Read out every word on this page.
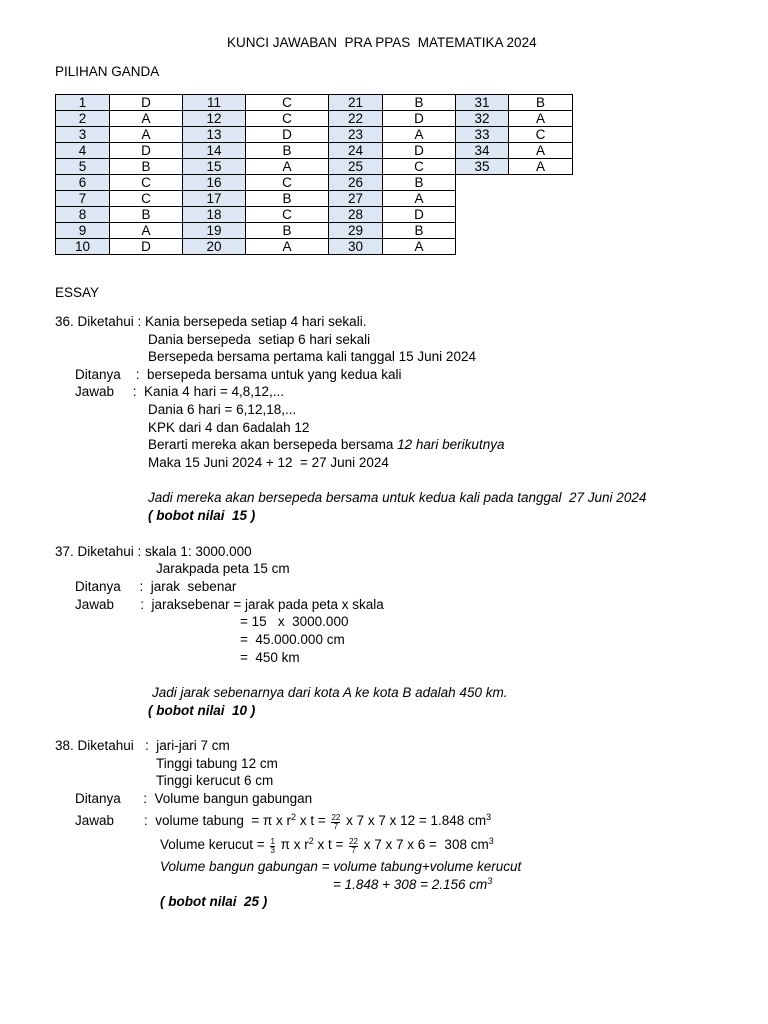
KUNCI JAWABAN  PRA PPAS  MATEMATIKA 2024
PILIHAN GANDA
1	D	11	C	21	B	31	B
2	A	12	C	22	D	32	A
3	A	13	D	23	A	33	C
4	D	14	B	24	D	34	A
5	B	15	A	25	C	35	A
6	C	16	C	26	B		
7	C	17	B	27	A		
8	B	18	C	28	D		
9	A	19	B	29	B		
10	D	20	A	30	A		
ESSAY
36. Diketahui : Kania bersepeda setiap 4 hari sekali.
Dania bersepeda  setiap 6 hari sekali
Bersepeda bersama pertama kali tanggal 15 Juni 2024
Ditanya    :  bersepeda bersama untuk yang kedua kali
Jawab     :  Kania 4 hari = 4,8,12,...
Dania 6 hari = 6,12,18,...
KPK dari 4 dan 6adalah 12
Berarti mereka akan bersepeda bersama 12 hari berikutnya
Maka 15 Juni 2024 + 12  = 27 Juni 2024
Jadi mereka akan bersepeda bersama untuk kedua kali pada tanggal  27 Juni 2024
( bobot nilai  15 )
37. Diketahui : skala 1: 3000.000
Jarakpada peta 15 cm
Ditanya     :  jarak  sebenar
Jawab       :  jaraksebenar = jarak pada peta x skala
= 15   x  3000.000
=  45.000.000 cm
=  450 km
Jadi jarak sebenarnya dari kota A ke kota B adalah 450 km.
( bobot nilai  10 )
38. Diketahui   :  jari-jari 7 cm
Tinggi tabung 12 cm
Tinggi kerucut 6 cm
Ditanya      :  Volume bangun gabungan
Jawab        :  volume tabung  = π x $r^2$ x $t = \frac{22}{7}$ x 7 x 7 x 12 = 1.848 $cm^3$
Volume kerucut = $\frac{1}{3}$ π x $r^2$ x $t = \frac{22}{7}$ x 7 x 7 x 6 =  308 $cm^3$
Volume bangun gabungan = volume tabung+volume kerucut
= 1.848 + 308 = 2.156 $cm^3$
( bobot nilai  25 )
